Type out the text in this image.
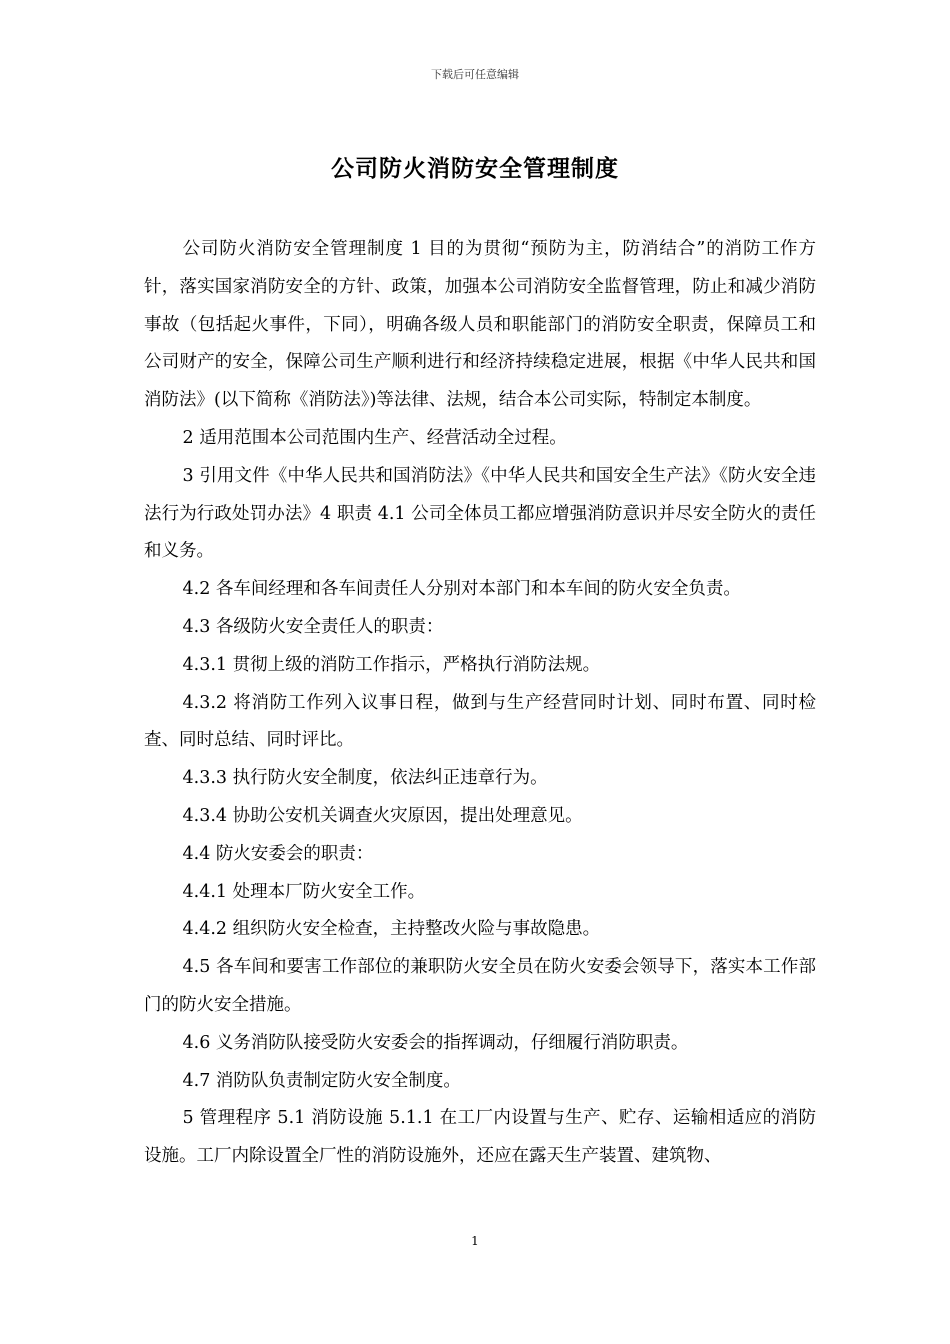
下载后可任意编辑
公司防火消防安全管理制度

公司防火消防安全管理制度 1 目的为贯彻“预防为主，防消结合”的消防工作方针，落实国家消防安全的方针、政策，加强本公司消防安全监督管理，防止和减少消防事故（包括起火事件，下同），明确各级人员和职能部门的消防安全职责，保障员工和公司财产的安全，保障公司生产顺利进行和经济持续稳定进展，根据《中华人民共和国消防法》(以下简称《消防法》)等法律、法规，结合本公司实际，特制定本制度。

2 适用范围本公司范围内生产、经营活动全过程。

3 引用文件《中华人民共和国消防法》《中华人民共和国安全生产法》《防火安全违法行为行政处罚办法》4 职责 4.1 公司全体员工都应增强消防意识并尽安全防火的责任和义务。

4.2 各车间经理和各车间责任人分别对本部门和本车间的防火安全负责。

4.3 各级防火安全责任人的职责：

4.3.1 贯彻上级的消防工作指示，严格执行消防法规。

4.3.2 将消防工作列入议事日程，做到与生产经营同时计划、同时布置、同时检查、同时总结、同时评比。

4.3.3 执行防火安全制度，依法纠正违章行为。

4.3.4 协助公安机关调查火灾原因，提出处理意见。

4.4 防火安委会的职责：

4.4.1 处理本厂防火安全工作。

4.4.2 组织防火安全检查，主持整改火险与事故隐患。

4.5 各车间和要害工作部位的兼职防火安全员在防火安委会领导下，落实本工作部门的防火安全措施。

4.6 义务消防队接受防火安委会的指挥调动，仔细履行消防职责。

4.7 消防队负责制定防火安全制度。

5 管理程序 5.1 消防设施 5.1.1 在工厂内设置与生产、贮存、运输相适应的消防设施。工厂内除设置全厂性的消防设施外，还应在露天生产装置、建筑物、

1
